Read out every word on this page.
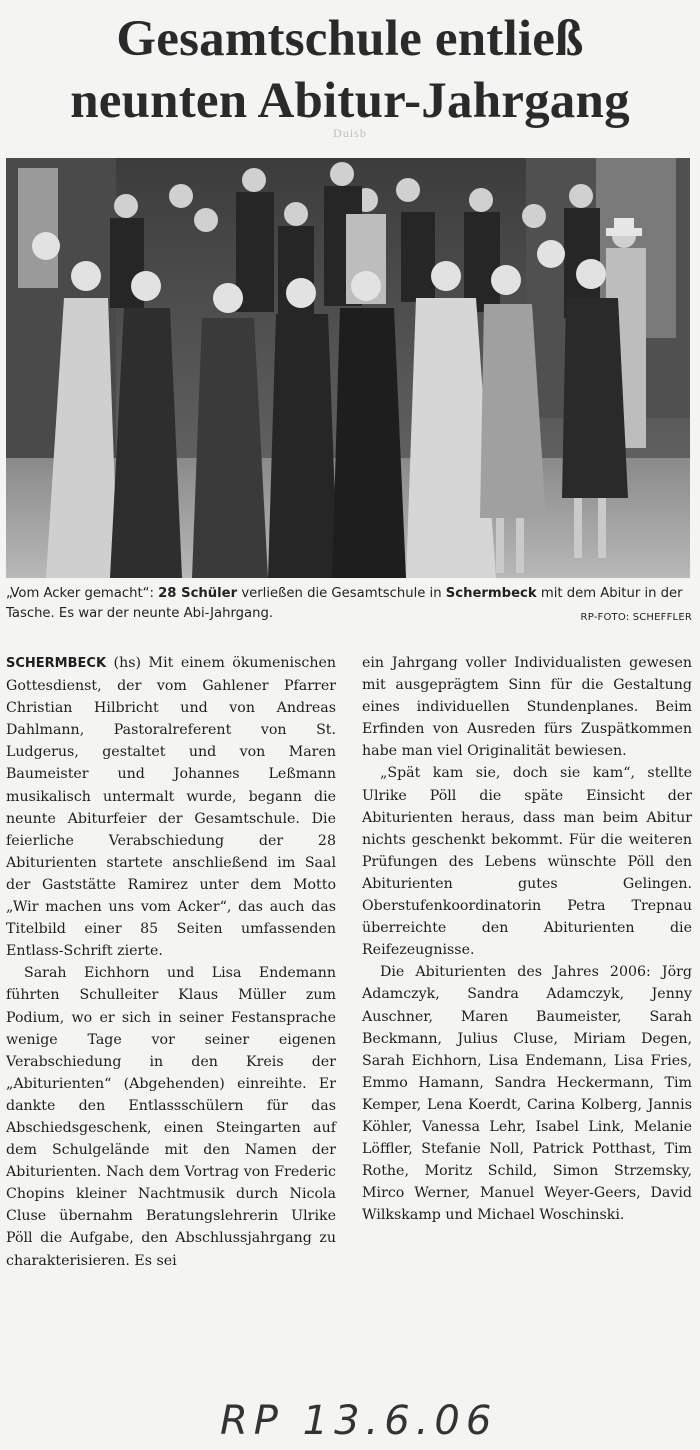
Gesamtschule entließ
neunten Abitur-Jahrgang
Duisb
„Vom Acker gemacht“: 28 Schüler verließen die Gesamtschule in Schermbeck mit dem Abitur in der Tasche. Es war der neunte Abi-Jahrgang.	RP-FOTO: SCHEFFLER

SCHERMBECK (hs) Mit einem ökumenischen Gottesdienst, der vom Gahlener Pfarrer Christian Hilbricht und von Andreas Dahlmann, Pastoralreferent von St. Ludgerus, gestaltet und von Maren Baumeister und Johannes Leßmann musikalisch untermalt wurde, begann die neunte Abiturfeier der Gesamtschule. Die feierliche Verabschiedung der 28 Abiturienten startete anschließend im Saal der Gaststätte Ramirez unter dem Motto „Wir machen uns vom Acker“, das auch das Titelbild einer 85 Seiten umfassenden Entlass-Schrift zierte.

Sarah Eichhorn und Lisa Endemann führten Schulleiter Klaus Müller zum Podium, wo er sich in seiner Festansprache wenige Tage vor seiner eigenen Verabschiedung in den Kreis der „Abiturienten“ (Abgehenden) einreihte. Er dankte den Entlassschülern für das Abschiedsgeschenk, einen Steingarten auf dem Schulgelände mit den Namen der Abiturienten. Nach dem Vortrag von Frederic Chopins kleiner Nachtmusik durch Nicola Cluse übernahm Beratungslehrerin Ulrike Pöll die Aufgabe, den Abschlussjahrgang zu charakterisieren. Es sei

ein Jahrgang voller Individualisten gewesen mit ausgeprägtem Sinn für die Gestaltung eines individuellen Stundenplanes. Beim Erfinden von Ausreden fürs Zuspätkommen habe man viel Originalität bewiesen.

„Spät kam sie, doch sie kam“, stellte Ulrike Pöll die späte Einsicht der Abiturienten heraus, dass man beim Abitur nichts geschenkt bekommt. Für die weiteren Prüfungen des Lebens wünschte Pöll den Abiturienten gutes Gelingen. Oberstufenkoordinatorin Petra Trepnau überreichte den Abiturienten die Reifezeugnisse.

Die Abiturienten des Jahres 2006: Jörg Adamczyk, Sandra Adamczyk, Jenny Auschner, Maren Baumeister, Sarah Beckmann, Julius Cluse, Miriam Degen, Sarah Eichhorn, Lisa Endemann, Lisa Fries, Emmo Hamann, Sandra Heckermann, Tim Kemper, Lena Koerdt, Carina Kolberg, Jannis Köhler, Vanessa Lehr, Isabel Link, Melanie Löffler, Stefanie Noll, Patrick Potthast, Tim Rothe, Moritz Schild, Simon Strzemsky, Mirco Werner, Manuel Weyer-Geers, David Wilkskamp und Michael Woschinski.

RP 13.6.06
